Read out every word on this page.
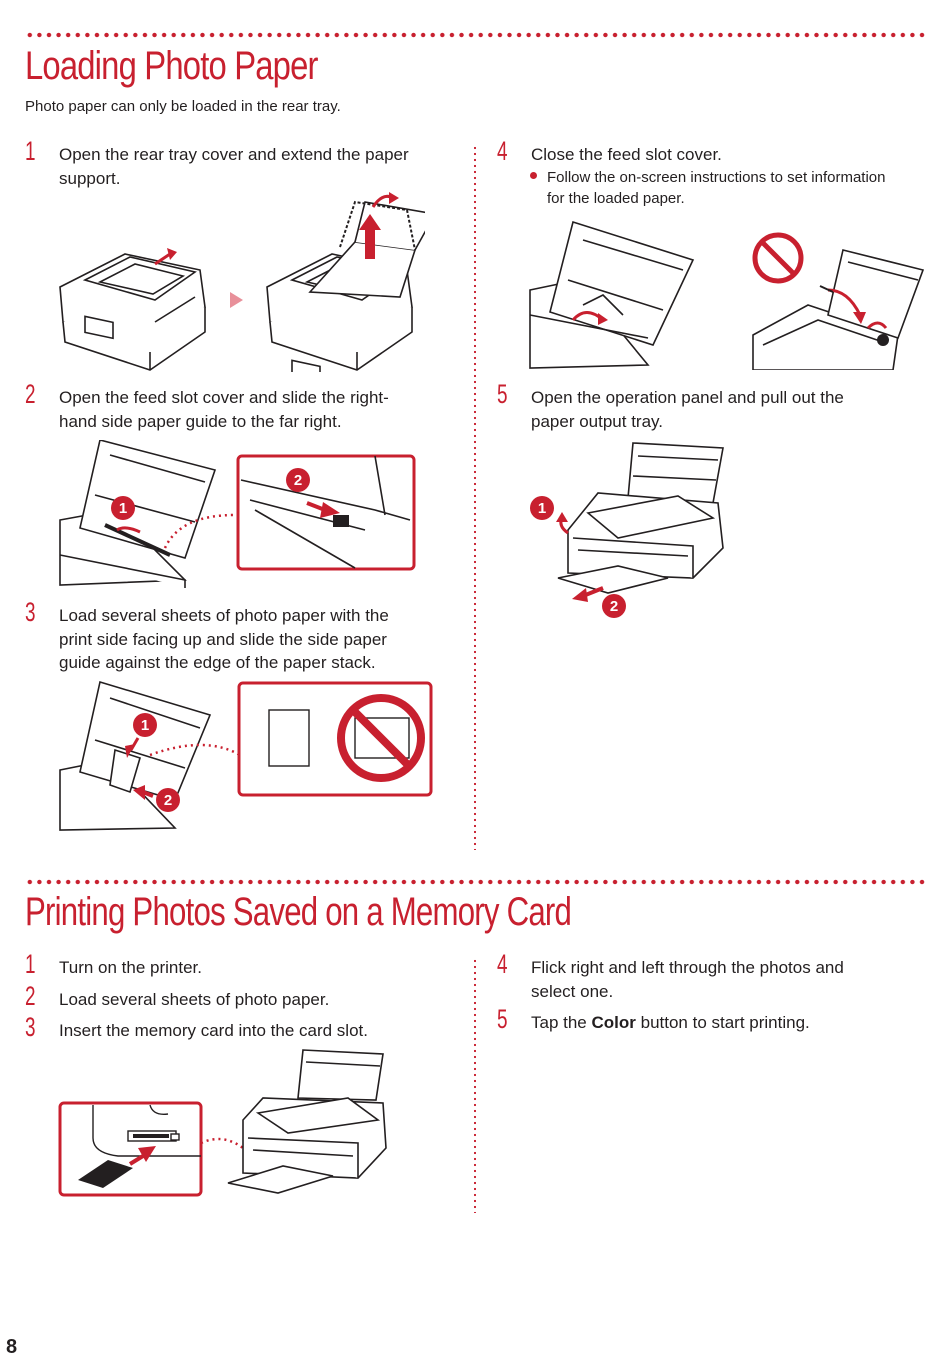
Loading Photo Paper

Photo paper can only be loaded in the rear tray.

1 Open the rear tray cover and extend the paper
support.
2 Open the feed slot cover and slide the right-
hand side paper guide to the far right.
1
2
3 Load several sheets of photo paper with the
print side facing up and slide the side paper
guide against the edge of the paper stack.
1
2
4 Close the feed slot cover.
Follow the on-screen instructions to set information
for the loaded paper.
5 Open the operation panel and pull out the
paper output tray.
1
2
Printing Photos Saved on a Memory Card
1 Turn on the printer.
2 Load several sheets of photo paper.
3 Insert the memory card into the card slot.
4 Flick right and left through the photos and
select one.
5 Tap the Color button to start printing.
8
